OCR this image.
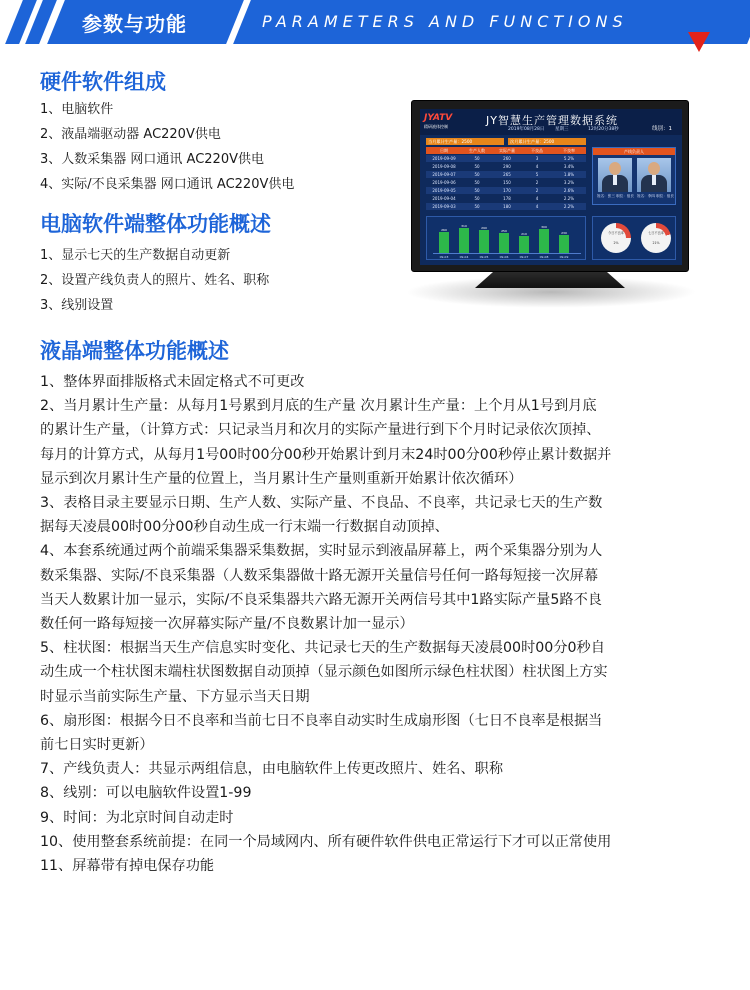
参数与功能	PARAMETERS AND FUNCTIONS
硬件软件组成
1、电脑软件
2、液晶端驱动器 AC220V供电
3、人数采集器 网口通讯 AC220V供电
4、实际/不良采集器 网口通讯 AC220V供电
电脑软件端整体功能概述
1、显示七天的生产数据自动更新
2、设置产线负责人的照片、姓名、职称
3、线别设置
液晶端整体功能概述

1、整体界面排版格式未固定格式不可更改

2、当月累计生产量：从每月1号累到月底的生产量 次月累计生产量：上个月从1号到月底

的累计生产量，（计算方式：只记录当月和次月的实际产量进行到下个月时记录依次顶掉、

每月的计算方式，从每月1号00时00分00秒开始累计到月末24时00分00秒停止累计数据并

显示到次月累计生产量的位置上，当月累计生产量则重新开始累计依次循环）

3、表格目录主要显示日期、生产人数、实际产量、不良品、不良率，共记录七天的生产数

据每天凌晨00时00分00秒自动生成一行末端一行数据自动顶掉、

4、本套系统通过两个前端采集器采集数据，实时显示到液晶屏幕上，两个采集器分别为人

数采集器、实际/不良采集器（人数采集器做十路无源开关量信号任何一路每短接一次屏幕

当天人数累计加一显示，实际/不良采集器共六路无源开关两信号其中1路实际产量5路不良

数任何一路每短接一次屏幕实际产量/不良数累计加一显示）

5、柱状图：根据当天生产信息实时变化、共记录七天的生产数据每天凌晨00时00分0秒自

动生成一个柱状图末端柱状图数据自动顶掉（显示颜色如图所示绿色柱状图）柱状图上方实

时显示当前实际生产量、下方显示当天日期

6、扇形图：根据今日不良率和当前七日不良率自动实时生成扇形图（七日不良率是根据当

前七日实时更新）

7、产线负责人：共显示两组信息，由电脑软件上传更改照片、姓名、职称

8、线别：可以电脑软件设置1-99

9、时间：为北京时间自动走时

10、使用整套系统前提：在同一个局域网内、所有硬件软件供电正常运行下才可以正常使用

11、屏幕带有掉电保存功能

JYATV
精研液体控制	JY智慧生产管理数据系统
2019年08月28日 星期三	12时20分38秒	线别：1
当月累计生产量：2500	次月累计生产量：2500
日期	生产人数	实际产量	不良品	不良率
2019-09-09	50	260	3	5.2%
2019-09-08	50	290	4	3.4%
2019-09-07	50	265	5	1.8%
2019-09-06	50	150	2	3.2%
2019-09-05	50	170	2	2.6%
2019-09-04	50	178	4	2.2%
2019-09-03	50	180	4	2.2%
产线负责人
姓名：张三 职位：组长 姓名：李四 职位：组长
260
09-03
310
09-04
290
09-05
250
09-06
210
09-07
300
09-08
230
09-09
今日不良率
2%
七日不良率
21%
